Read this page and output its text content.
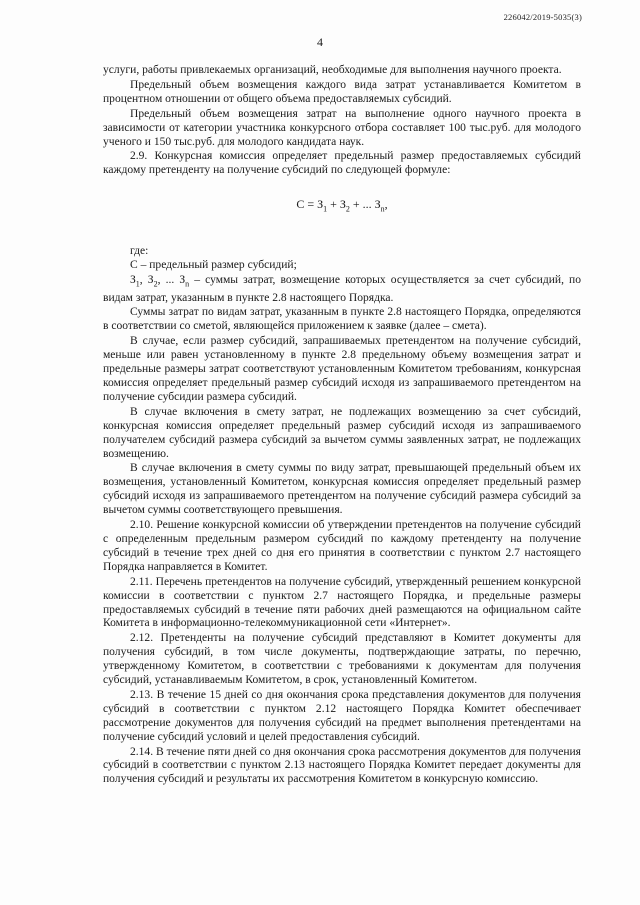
226042/2019-5035(3)
4

услуги, работы привлекаемых организаций, необходимые для выполнения научного проекта.

Предельный объем возмещения каждого вида затрат устанавливается Комитетом в процентном отношении от общего объема предоставляемых субсидий.

Предельный объем возмещения затрат на выполнение одного научного проекта в зависимости от категории участника конкурсного отбора составляет 100 тыс.руб. для молодого ученого и 150 тыс.руб. для молодого кандидата наук.

2.9. Конкурсная комиссия определяет предельный размер предоставляемых субсидий каждому претенденту на получение субсидий по следующей формуле:

$С = З_1 + З_2$ + ... $З_n$,

где:

С – предельный размер субсидий;

$З_1$, $З_2$, ... $З_n$ – суммы затрат, возмещение которых осуществляется за счет субсидий, по видам затрат, указанным в пункте 2.8 настоящего Порядка.

Суммы затрат по видам затрат, указанным в пункте 2.8 настоящего Порядка, определяются в соответствии со сметой, являющейся приложением к заявке (далее – смета).

В случае, если размер субсидий, запрашиваемых претендентом на получение субсидий, меньше или равен установленному в пункте 2.8 предельному объему возмещения затрат и предельные размеры затрат соответствуют установленным Комитетом требованиям, конкурсная комиссия определяет предельный размер субсидий исходя из запрашиваемого претендентом на получение субсидии размера субсидий.

В случае включения в смету затрат, не подлежащих возмещению за счет субсидий, конкурсная комиссия определяет предельный размер субсидий исходя из запрашиваемого получателем субсидий размера субсидий за вычетом суммы заявленных затрат, не подлежащих возмещению.

В случае включения в смету суммы по виду затрат, превышающей предельный объем их возмещения, установленный Комитетом, конкурсная комиссия определяет предельный размер субсидий исходя из запрашиваемого претендентом на получение субсидий размера субсидий за вычетом суммы соответствующего превышения.

2.10. Решение конкурсной комиссии об утверждении претендентов на получение субсидий с определенным предельным размером субсидий по каждому претенденту на получение субсидий в течение трех дней со дня его принятия в соответствии с пунктом 2.7 настоящего Порядка направляется в Комитет.

2.11. Перечень претендентов на получение субсидий, утвержденный решением конкурсной комиссии в соответствии с пунктом 2.7 настоящего Порядка, и предельные размеры предоставляемых субсидий в течение пяти рабочих дней размещаются на официальном сайте Комитета в информационно-телекоммуникационной сети «Интернет».

2.12. Претенденты на получение субсидий представляют в Комитет документы для получения субсидий, в том числе документы, подтверждающие затраты, по перечню, утвержденному Комитетом, в соответствии с требованиями к документам для получения субсидий, устанавливаемым Комитетом, в срок, установленный Комитетом.

2.13. В течение 15 дней со дня окончания срока представления документов для получения субсидий в соответствии с пунктом 2.12 настоящего Порядка Комитет обеспечивает рассмотрение документов для получения субсидий на предмет выполнения претендентами на получение субсидий условий и целей предоставления субсидий.

2.14. В течение пяти дней со дня окончания срока рассмотрения документов для получения субсидий в соответствии с пунктом 2.13 настоящего Порядка Комитет передает документы для получения субсидий и результаты их рассмотрения Комитетом в конкурсную комиссию.
